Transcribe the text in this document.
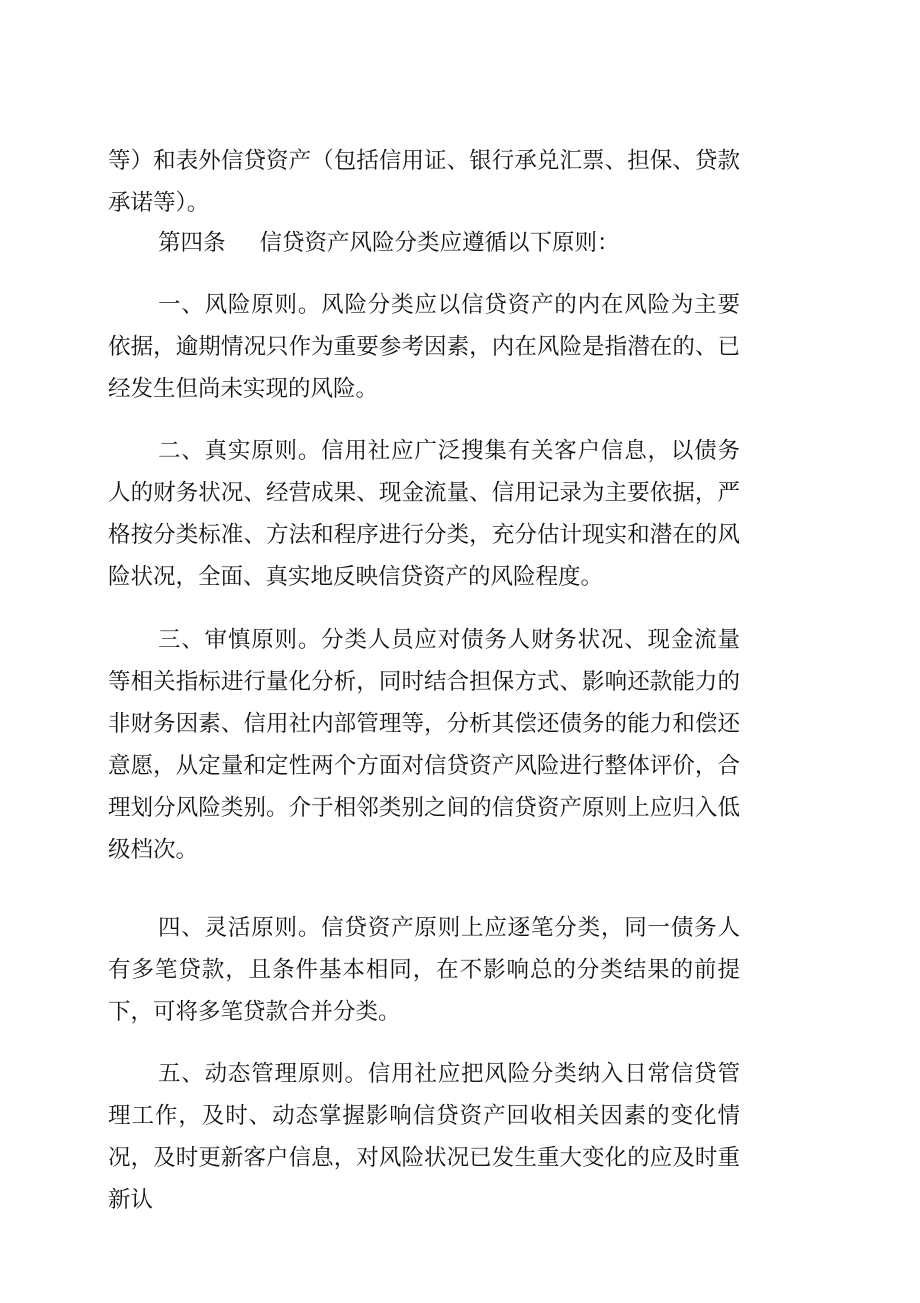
等）和表外信贷资产（包括信用证、银行承兑汇票、担保、贷款承诺等）。

第四条 信贷资产风险分类应遵循以下原则：

一、风险原则。风险分类应以信贷资产的内在风险为主要依据，逾期情况只作为重要参考因素，内在风险是指潜在的、已经发生但尚未实现的风险。

二、真实原则。信用社应广泛搜集有关客户信息，以债务人的财务状况、经营成果、现金流量、信用记录为主要依据，严格按分类标准、方法和程序进行分类，充分估计现实和潜在的风险状况，全面、真实地反映信贷资产的风险程度。

三、审慎原则。分类人员应对债务人财务状况、现金流量等相关指标进行量化分析，同时结合担保方式、影响还款能力的非财务因素、信用社内部管理等，分析其偿还债务的能力和偿还意愿，从定量和定性两个方面对信贷资产风险进行整体评价，合理划分风险类别。介于相邻类别之间的信贷资产原则上应归入低级档次。

四、灵活原则。信贷资产原则上应逐笔分类，同一债务人有多笔贷款，且条件基本相同，在不影响总的分类结果的前提下，可将多笔贷款合并分类。

五、动态管理原则。信用社应把风险分类纳入日常信贷管理工作，及时、动态掌握影响信贷资产回收相关因素的变化情况，及时更新客户信息，对风险状况已发生重大变化的应及时重新认
